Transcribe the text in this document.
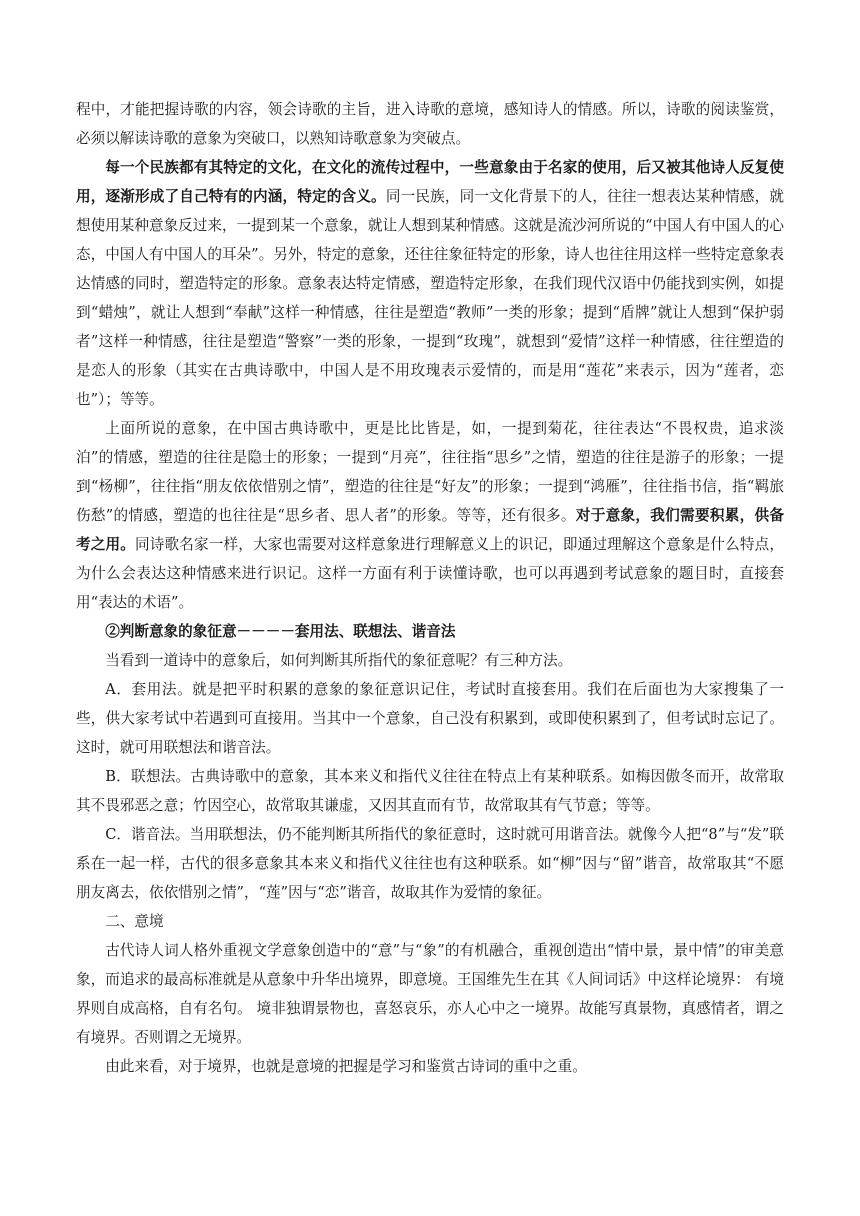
程中，才能把握诗歌的内容，领会诗歌的主旨，进入诗歌的意境，感知诗人的情感。所以，诗歌的阅读鉴赏，必须以解读诗歌的意象为突破口，以熟知诗歌意象为突破点。

每一个民族都有其特定的文化，在文化的流传过程中，一些意象由于名家的使用，后又被其他诗人反复使用，逐渐形成了自己特有的内涵，特定的含义。同一民族，同一文化背景下的人，往往一想表达某种情感，就想使用某种意象反过来，一提到某一个意象，就让人想到某种情感。这就是流沙河所说的“中国人有中国人的心态，中国人有中国人的耳朵”。另外，特定的意象，还往往象征特定的形象，诗人也往往用这样一些特定意象表达情感的同时，塑造特定的形象。意象表达特定情感，塑造特定形象，在我们现代汉语中仍能找到实例，如提到“蜡烛”，就让人想到“奉献”这样一种情感，往往是塑造“教师”一类的形象；提到“盾牌”就让人想到“保护弱者”这样一种情感，往往是塑造“警察”一类的形象，一提到“玫瑰”，就想到“爱情”这样一种情感，往往塑造的是恋人的形象（其实在古典诗歌中，中国人是不用玫瑰表示爱情的，而是用“莲花”来表示，因为“莲者，恋也”）；等等。

上面所说的意象，在中国古典诗歌中，更是比比皆是，如，一提到菊花，往往表达“不畏权贵，追求淡泊”的情感，塑造的往往是隐士的形象；一提到“月亮”，往往指“思乡”之情，塑造的往往是游子的形象；一提到“杨柳”，往往指“朋友依依惜别之情”，塑造的往往是“好友”的形象；一提到“鸿雁”，往往指书信，指“羁旅伤愁”的情感，塑造的也往往是“思乡者、思人者”的形象。等等，还有很多。对于意象，我们需要积累，供备考之用。同诗歌名家一样，大家也需要对这样意象进行理解意义上的识记，即通过理解这个意象是什么特点，为什么会表达这种情感来进行识记。这样一方面有利于读懂诗歌，也可以再遇到考试意象的题目时，直接套用“表达的术语”。

②判断意象的象征意－－－－套用法、联想法、谐音法

当看到一道诗中的意象后，如何判断其所指代的象征意呢？有三种方法。

A．套用法。就是把平时积累的意象的象征意识记住，考试时直接套用。我们在后面也为大家搜集了一些，供大家考试中若遇到可直接用。当其中一个意象，自己没有积累到，或即使积累到了，但考试时忘记了。这时，就可用联想法和谐音法。

B．联想法。古典诗歌中的意象，其本来义和指代义往往在特点上有某种联系。如梅因傲冬而开，故常取其不畏邪恶之意；竹因空心，故常取其谦虚，又因其直而有节，故常取其有气节意；等等。

C．谐音法。当用联想法，仍不能判断其所指代的象征意时，这时就可用谐音法。就像今人把“8”与“发”联系在一起一样，古代的很多意象其本来义和指代义往往也有这种联系。如“柳”因与“留”谐音，故常取其“不愿朋友离去，依依惜别之情”，“莲”因与“恋”谐音，故取其作为爱情的象征。

二、意境

古代诗人词人格外重视文学意象创造中的“意”与“象”的有机融合，重视创造出“情中景，景中情”的审美意象，而追求的最高标准就是从意象中升华出境界，即意境。王国维先生在其《人间词话》中这样论境界： 有境界则自成高格，自有名句。 境非独谓景物也，喜怒哀乐，亦人心中之一境界。故能写真景物，真感情者，谓之有境界。否则谓之无境界。

由此来看，对于境界，也就是意境的把握是学习和鉴赏古诗词的重中之重。
